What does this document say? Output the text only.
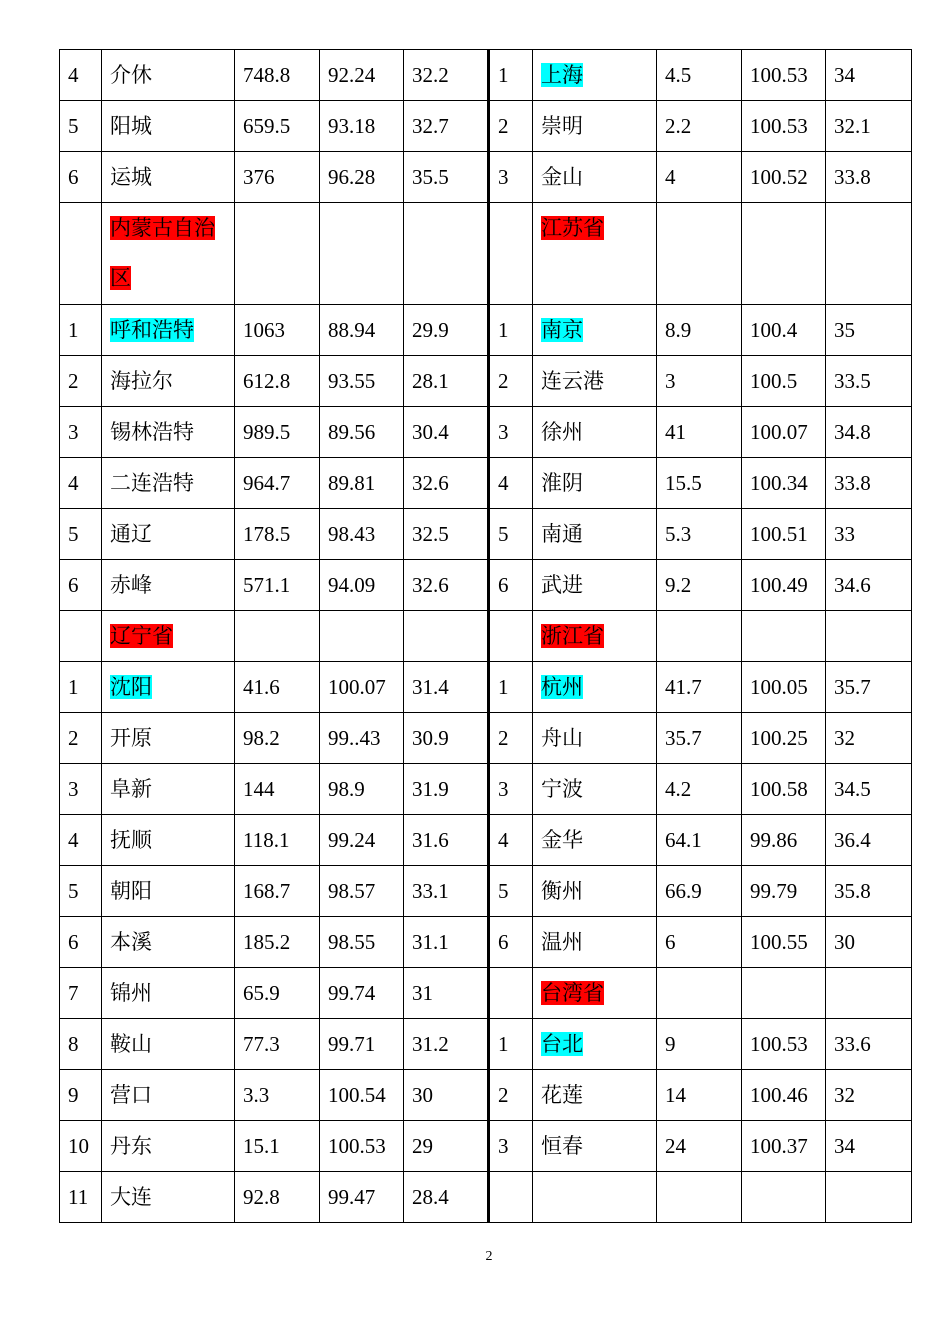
4	介休	748.8	92.24	32.2	1	上海	4.5	100.53	34
5	阳城	659.5	93.18	32.7	2	崇明	2.2	100.53	32.1
6	运城	376	96.28	35.5	3	金山	4	100.52	33.8
	内蒙古自治区					江苏省			
1	呼和浩特	1063	88.94	29.9	1	南京	8.9	100.4	35
2	海拉尔	612.8	93.55	28.1	2	连云港	3	100.5	33.5
3	锡林浩特	989.5	89.56	30.4	3	徐州	41	100.07	34.8
4	二连浩特	964.7	89.81	32.6	4	淮阴	15.5	100.34	33.8
5	通辽	178.5	98.43	32.5	5	南通	5.3	100.51	33
6	赤峰	571.1	94.09	32.6	6	武进	9.2	100.49	34.6
	辽宁省					浙江省			
1	沈阳	41.6	100.07	31.4	1	杭州	41.7	100.05	35.7
2	开原	98.2	99..43	30.9	2	舟山	35.7	100.25	32
3	阜新	144	98.9	31.9	3	宁波	4.2	100.58	34.5
4	抚顺	118.1	99.24	31.6	4	金华	64.1	99.86	36.4
5	朝阳	168.7	98.57	33.1	5	衡州	66.9	99.79	35.8
6	本溪	185.2	98.55	31.1	6	温州	6	100.55	30
7	锦州	65.9	99.74	31		台湾省			
8	鞍山	77.3	99.71	31.2	1	台北	9	100.53	33.6
9	营口	3.3	100.54	30	2	花莲	14	100.46	32
10	丹东	15.1	100.53	29	3	恒春	24	100.37	34
11	大连	92.8	99.47	28.4					
2
